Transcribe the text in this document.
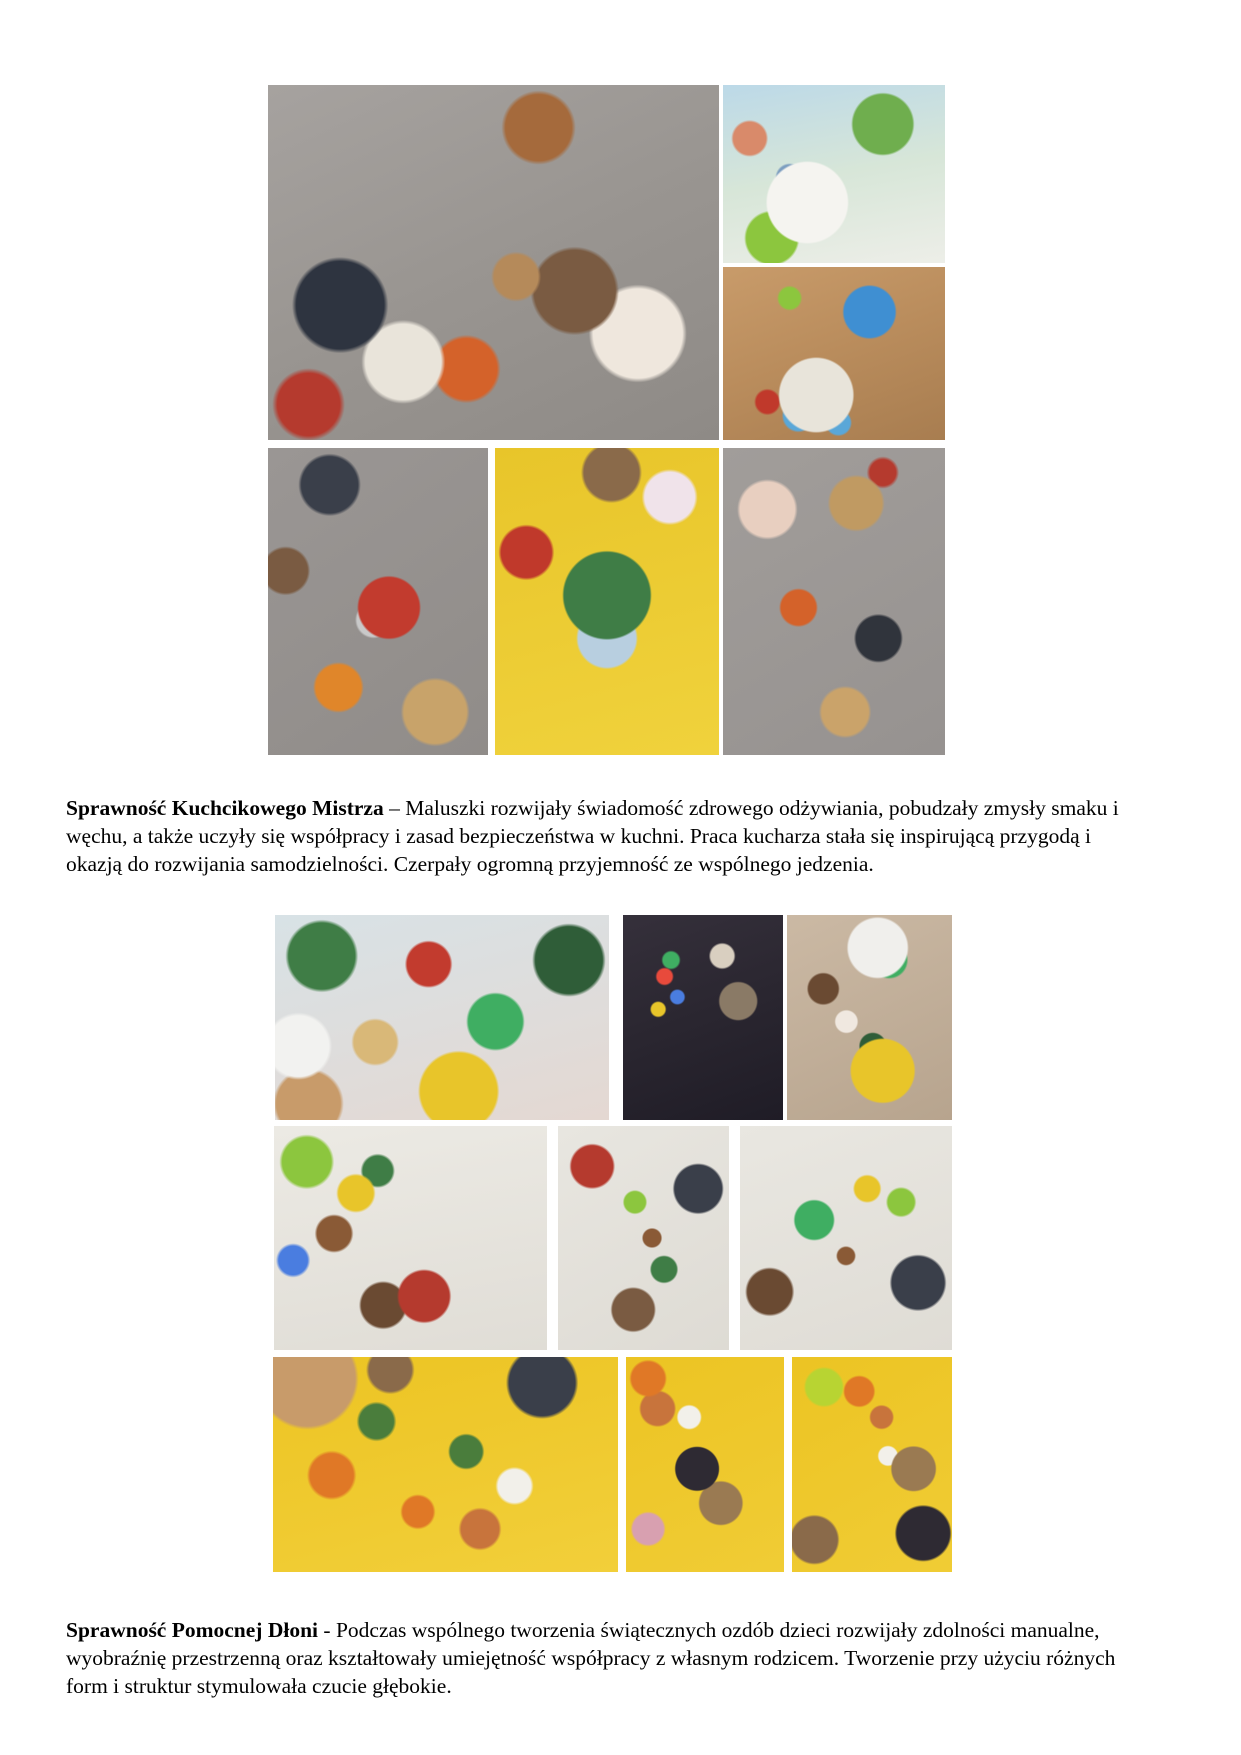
Sprawność Kuchcikowego Mistrza – Maluszki rozwijały świadomość zdrowego odżywiania, pobudzały zmysły smaku i węchu, a także uczyły się współpracy i zasad bezpieczeństwa w kuchni. Praca kucharza stała się inspirującą przygodą i okazją do rozwijania samodzielności. Czerpały ogromną przyjemność ze wspólnego jedzenia.

Sprawność Pomocnej Dłoni - Podczas wspólnego tworzenia świątecznych ozdób dzieci rozwijały zdolności manualne, wyobraźnię przestrzenną oraz kształtowały umiejętność współpracy z własnym rodzicem. Tworzenie przy użyciu różnych form i struktur stymulowała czucie głębokie.
